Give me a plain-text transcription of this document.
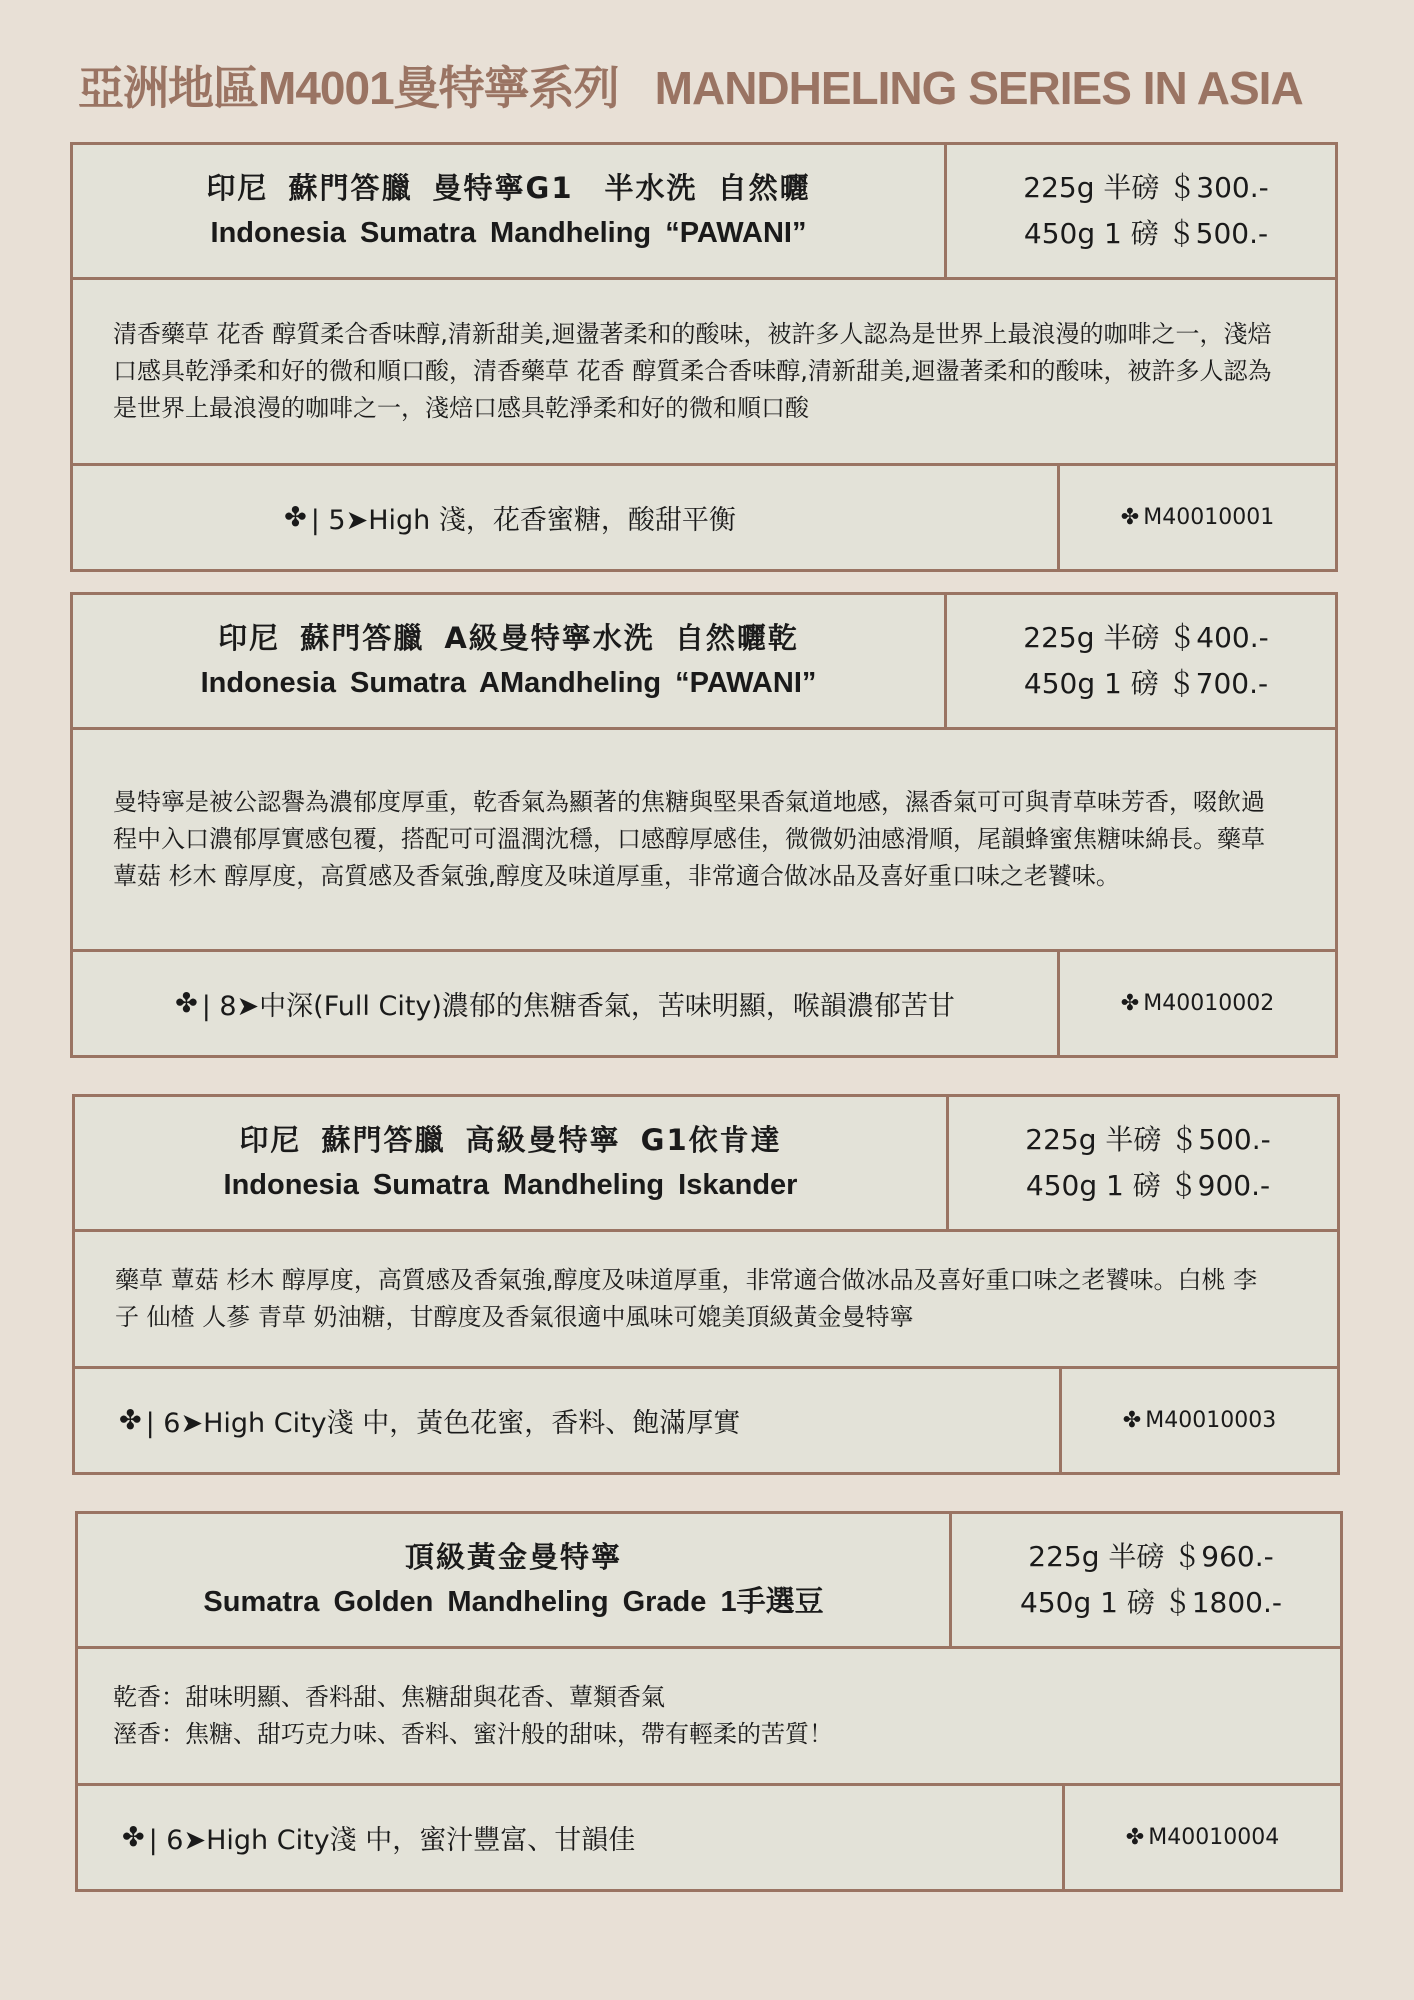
亞洲地區M4001曼特寧系列 MANDHELING SERIES IN ASIA
印尼 蘇門答臘 曼特寧G1　半水洗 自然曬
Indonesia Sumatra Mandheling “PAWANI”
225g 半磅 ＄300.-
450g 1 磅 ＄500.-
清香藥草 花香 醇質柔合香味醇,清新甜美,迴盪著柔和的酸味，被許多人認為是世界上最浪漫的咖啡之一，淺焙口感具乾淨柔和好的微和順口酸，清香藥草 花香 醇質柔合香味醇,清新甜美,迴盪著柔和的酸味，被許多人認為是世界上最浪漫的咖啡之一，淺焙口感具乾淨柔和好的微和順口酸
✤ | 5➤High 淺，花香蜜糖，酸甜平衡	✤ M40010001
印尼 蘇門答臘 A級曼特寧水洗 自然曬乾
Indonesia Sumatra AMandheling “PAWANI”
225g 半磅 ＄400.-
450g 1 磅 ＄700.-
曼特寧是被公認譽為濃郁度厚重，乾香氣為顯著的焦糖與堅果香氣道地感，濕香氣可可與青草味芳香，啜飲過程中入口濃郁厚實感包覆，搭配可可溫潤沈穩，口感醇厚感佳，微微奶油感滑順，尾韻蜂蜜焦糖味綿長。藥草 蕈菇 杉木 醇厚度，高質感及香氣強,醇度及味道厚重，非常適合做冰品及喜好重口味之老饕味。
✤ | 8➤中深(Full City)濃郁的焦糖香氣，苦味明顯，喉韻濃郁苦甘	✤ M40010002
印尼 蘇門答臘 高級曼特寧 G1依肯達
Indonesia Sumatra Mandheling Iskander
225g 半磅 ＄500.-
450g 1 磅 ＄900.-
藥草 蕈菇 杉木 醇厚度，高質感及香氣強,醇度及味道厚重，非常適合做冰品及喜好重口味之老饕味。白桃 李子 仙楂 人蔘 青草 奶油糖，甘醇度及香氣很適中風味可媲美頂級黃金曼特寧
✤ | 6➤High City淺 中，黃色花蜜，香料、飽滿厚實	✤ M40010003
頂級黃金曼特寧
Sumatra Golden Mandheling Grade 1手選豆
225g 半磅 ＄960.-
450g 1 磅 ＄1800.-
乾香：甜味明顯、香料甜、焦糖甜與花香、蕈類香氣
溼香：焦糖、甜巧克力味、香料、蜜汁般的甜味，帶有輕柔的苦質！
✤ | 6➤High City淺 中，蜜汁豐富、甘韻佳	✤ M40010004
